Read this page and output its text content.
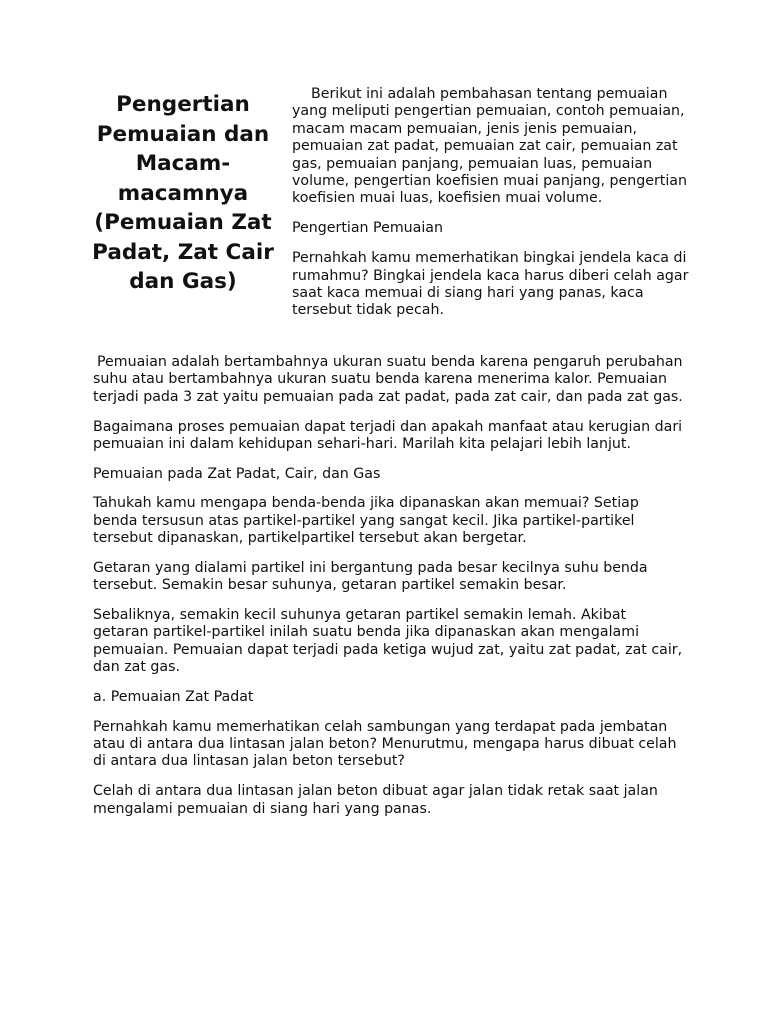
Pengertian Pemuaian dan Macam-macamnya (Pemuaian Zat Padat, Zat Cair dan Gas)

Berikut ini adalah pembahasan tentang pemuaian yang meliputi pengertian pemuaian, contoh pemuaian, macam macam pemuaian, jenis jenis pemuaian, pemuaian zat padat, pemuaian zat cair, pemuaian zat gas, pemuaian panjang, pemuaian luas, pemuaian volume, pengertian koefisien muai panjang, pengertian koefisien muai luas, koefisien muai volume.

Pengertian Pemuaian

Pernahkah kamu memerhatikan bingkai jendela kaca di rumahmu? Bingkai jendela kaca harus diberi celah agar saat kaca memuai di siang hari yang panas, kaca tersebut tidak pecah.

Pemuaian adalah bertambahnya ukuran suatu benda karena pengaruh perubahan suhu atau bertambahnya ukuran suatu benda karena menerima kalor. Pemuaian terjadi pada 3 zat yaitu pemuaian pada zat padat, pada zat cair, dan pada zat gas.

Bagaimana proses pemuaian dapat terjadi dan apakah manfaat atau kerugian dari pemuaian ini dalam kehidupan sehari-hari. Marilah kita pelajari lebih lanjut.

Pemuaian pada Zat Padat, Cair, dan Gas

Tahukah kamu mengapa benda-benda jika dipanaskan akan memuai? Setiap benda tersusun atas partikel-partikel yang sangat kecil. Jika partikel-partikel tersebut dipanaskan, partikelpartikel tersebut akan bergetar.

Getaran yang dialami partikel ini bergantung pada besar kecilnya suhu benda tersebut. Semakin besar suhunya, getaran partikel semakin besar.

Sebaliknya, semakin kecil suhunya getaran partikel semakin lemah. Akibat getaran partikel-partikel inilah suatu benda jika dipanaskan akan mengalami pemuaian. Pemuaian dapat terjadi pada ketiga wujud zat, yaitu zat padat, zat cair, dan zat gas.

a. Pemuaian Zat Padat

Pernahkah kamu memerhatikan celah sambungan yang terdapat pada jembatan atau di antara dua lintasan jalan beton? Menurutmu, mengapa harus dibuat celah di antara dua lintasan jalan beton tersebut?

Celah di antara dua lintasan jalan beton dibuat agar jalan tidak retak saat jalan mengalami pemuaian di siang hari yang panas.
